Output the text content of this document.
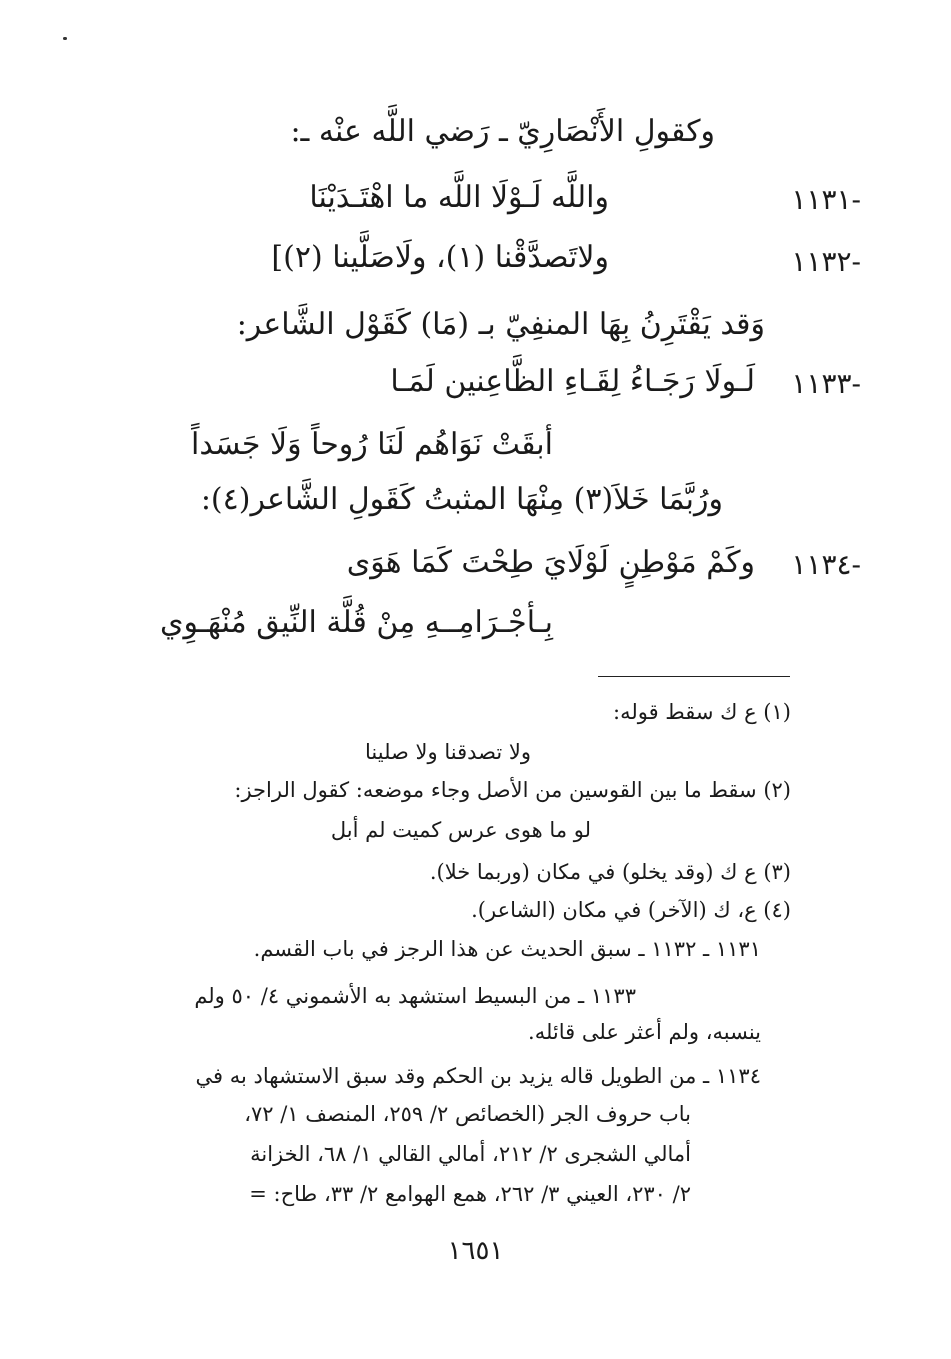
وكقولِ الأَنْصَارِيّ ـ رَضي اللَّه عنْه ـ:
-١١٣١
واللَّه لَـوْلَا اللَّه ما اهْتَـدَيْنَا
-١١٣٢
ولاتَصدَّقْنا (١)، ولَاصَلَّينا (٢)]
وَقد يَقْتَرِنُ بِهَا المنفِيّ بـ (مَا) كَقَوْل الشَّاعر:
-١١٣٣
لَـولَا رَجَـاءُ لِقَـاءِ الظَّاعِنين لَمَـا
أبقَتْ نَوَاهُم لَنَا رُوحاً وَلَا جَسَداً
ورُبَّمَا خَلاَ(٣) مِنْهَا المثبتُ كَقَولِ الشَّاعر(٤):
-١١٣٤
وكَمْ مَوْطِنٍ لَوْلَايَ طِحْتَ كَمَا هَوَى
بِـأجْـرَامِــهِ مِنْ قُلَّة النِّيق مُنْهَـوِي
(١) ع ك سقط قوله:
ولا تصدقنا ولا صلينا
(٢) سقط ما بين القوسين من الأصل وجاء موضعه: كقول الراجز:
لو ما هوى عرس كميت لم أبل
(٣) ع ك (وقد يخلو) في مكان (وربما خلا).
(٤) ع، ك (الآخر) في مكان (الشاعر).
١١٣١ ـ ١١٣٢ ـ سبق الحديث عن هذا الرجز في باب القسم.
١١٣٣ ـ من البسيط استشهد به الأشموني ٤/ ٥٠ ولم
ينسبه، ولم أعثر على قائله.
١١٣٤ ـ من الطويل قاله يزيد بن الحكم وقد سبق الاستشهاد به في
باب حروف الجر (الخصائص ٢/ ٢٥٩، المنصف ١/ ٧٢،
أمالي الشجرى ٢/ ٢١٢، أمالي القالي ١/ ٦٨، الخزانة
٢/ ٢٣٠، العيني ٣/ ٢٦٢، همع الهوامع ٢/ ٣٣، طاح: =
١٦٥١
